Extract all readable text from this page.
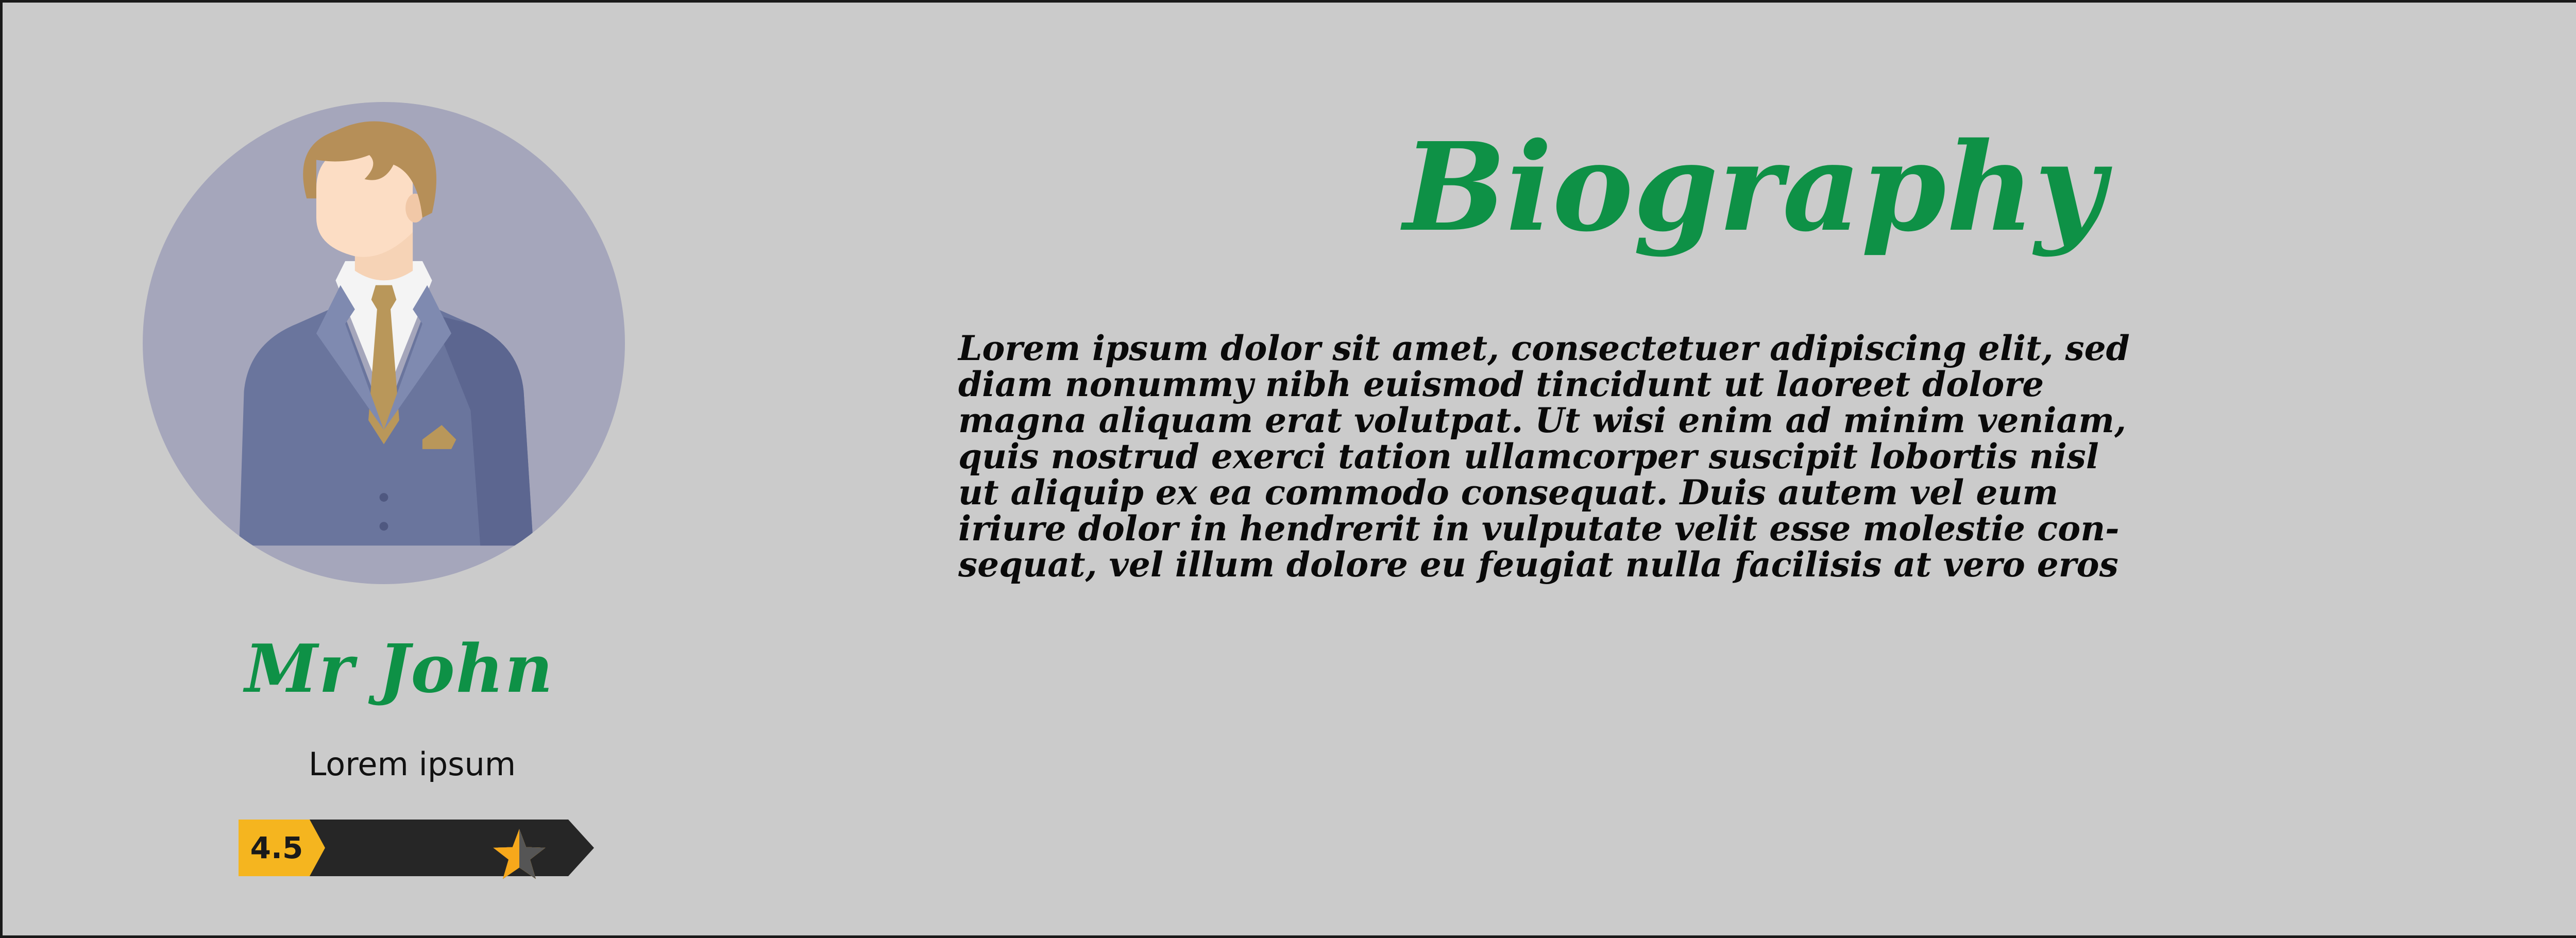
Mr John
Lorem ipsum
4.5
Biography

Lorem ipsum dolor sit amet, consectetuer adipiscing elit, sed
diam nonummy nibh euismod tincidunt ut laoreet dolore
magna aliquam erat volutpat. Ut wisi enim ad minim veniam,
quis nostrud exerci tation ullamcorper suscipit lobortis nisl
ut aliquip ex ea commodo consequat. Duis autem vel eum
iriure dolor in hendrerit in vulputate velit esse molestie con-
sequat, vel illum dolore eu feugiat nulla facilisis at vero eros
